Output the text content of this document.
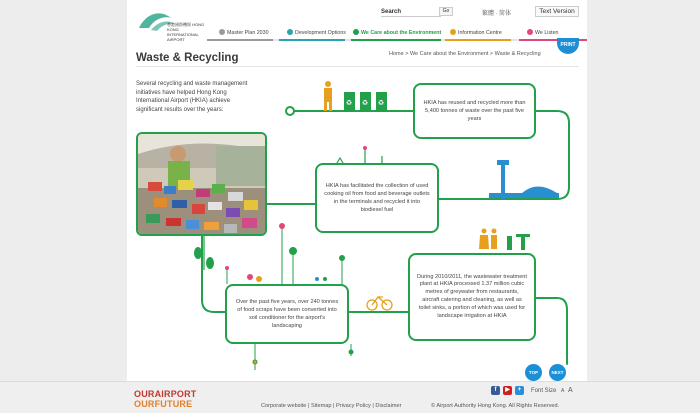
香港國際機場 HONG KONG INTERNATIONAL AIRPORT
Search	Go	繁體 ∙ 简体	Text Version
Master Plan 2030	Development Options	We Care about the Environment	Information Centre	We Listen
Waste & Recycling	Home > We Care about the Environment > Waste & Recycling
PRINT
Several recycling and waste management initiatives have helped Hong Kong International Airport (HKIA) achieve significant results over the years:
♻ ♻ ♻	HKIA has reused and recycled more than 5,400 tonnes of waste over the past five years
HKIA has facilitated the collection of used cooking oil from food and beverage outlets in the terminals and recycled it into biodiesel fuel
Over the past five years, over 240 tonnes of food scraps have been converted into soil conditioner for the airport's landscaping
During 2010/2011, the wastewater treatment plant at HKIA processed 1.37 million cubic metres of greywater from restaurants, aircraft catering and cleaning, as well as toilet sinks, a portion of which was used for landscape irrigation at HKIA
TOP	NEXT
OURAIRPORT
OURFUTURE
f	▶	+	Font Size A A
Corporate website | Sitemap | Privacy Policy | Disclaimer	© Airport Authority Hong Kong. All Rights Reserved.
